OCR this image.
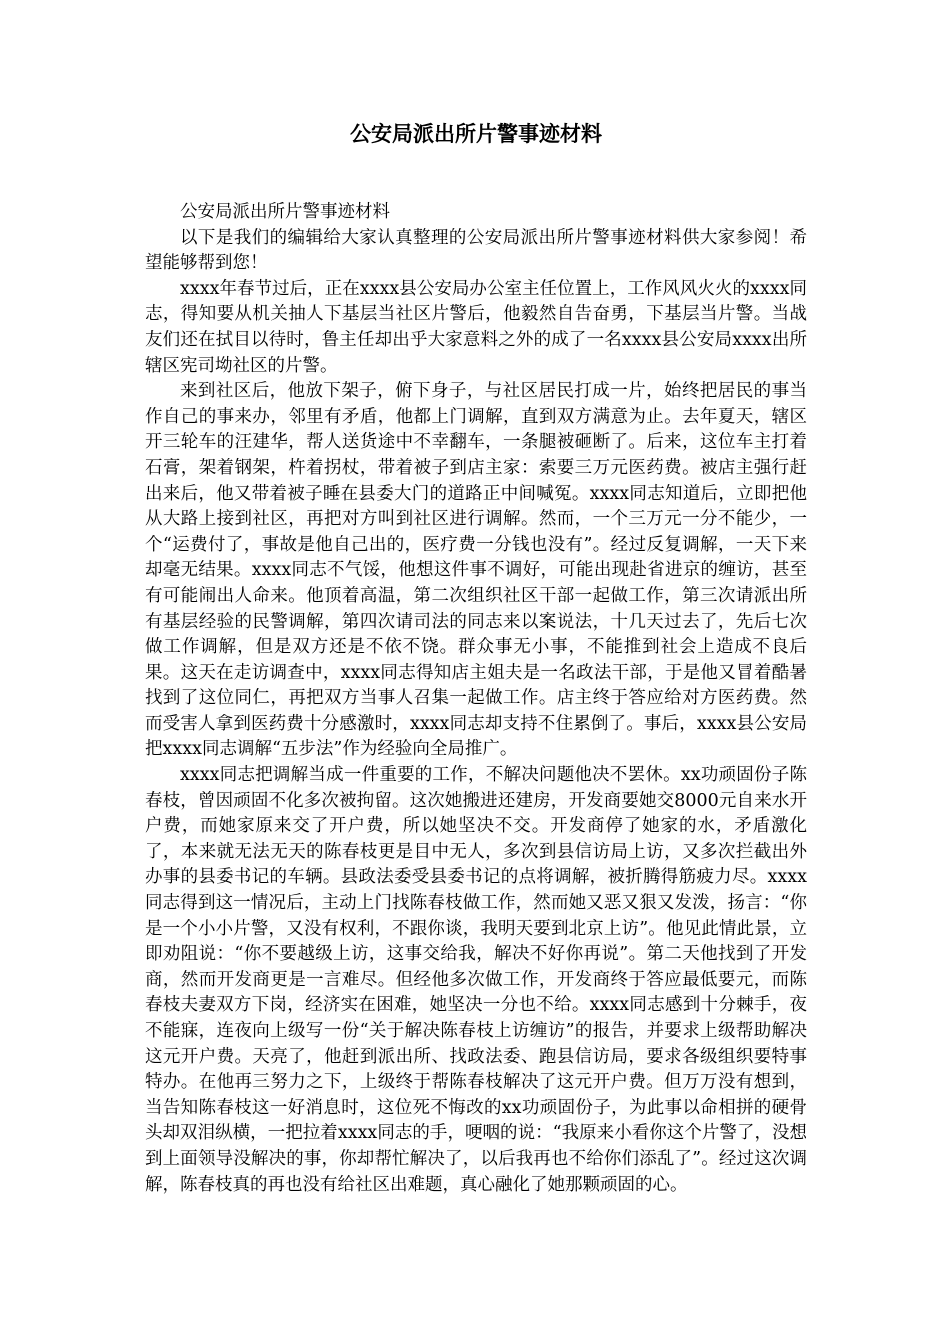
公安局派出所片警事迹材料

公安局派出所片警事迹材料

以下是我们的编辑给大家认真整理的公安局派出所片警事迹材料供大家参阅！希望能够帮到您！

xxxx年春节过后，正在xxxx县公安局办公室主任位置上，工作风风火火的xxxx同志，得知要从机关抽人下基层当社区片警后，他毅然自告奋勇，下基层当片警。当战友们还在拭目以待时，鲁主任却出乎大家意料之外的成了一名xxxx县公安局xxxx出所辖区宪司坳社区的片警。

来到社区后，他放下架子，俯下身子，与社区居民打成一片，始终把居民的事当作自己的事来办，邻里有矛盾，他都上门调解，直到双方满意为止。去年夏天，辖区开三轮车的汪建华，帮人送货途中不幸翻车，一条腿被砸断了。后来，这位车主打着石膏，架着钢架，杵着拐杖，带着被子到店主家：索要三万元医药费。被店主强行赶出来后，他又带着被子睡在县委大门的道路正中间喊冤。xxxx同志知道后，立即把他从大路上接到社区，再把对方叫到社区进行调解。然而，一个三万元一分不能少，一个“运费付了，事故是他自己出的，医疗费一分钱也没有”。经过反复调解，一天下来却毫无结果。xxxx同志不气馁，他想这件事不调好，可能出现赴省进京的缠访，甚至有可能闹出人命来。他顶着高温，第二次组织社区干部一起做工作，第三次请派出所有基层经验的民警调解，第四次请司法的同志来以案说法，十几天过去了，先后七次做工作调解，但是双方还是不依不饶。群众事无小事，不能推到社会上造成不良后果。这天在走访调查中，xxxx同志得知店主姐夫是一名政法干部，于是他又冒着酷暑找到了这位同仁，再把双方当事人召集一起做工作。店主终于答应给对方医药费。然而受害人拿到医药费十分感激时，xxxx同志却支持不住累倒了。事后，xxxx县公安局把xxxx同志调解“五步法”作为经验向全局推广。

xxxx同志把调解当成一件重要的工作，不解决问题他决不罢休。xx功顽固份子陈春枝，曾因顽固不化多次被拘留。这次她搬进还建房，开发商要她交8000元自来水开户费，而她家原来交了开户费，所以她坚决不交。开发商停了她家的水，矛盾激化了，本来就无法无天的陈春枝更是目中无人，多次到县信访局上访，又多次拦截出外办事的县委书记的车辆。县政法委受县委书记的点将调解，被折腾得筋疲力尽。xxxx同志得到这一情况后，主动上门找陈春枝做工作，然而她又恶又狠又发泼，扬言：“你是一个小小片警，又没有权利，不跟你谈，我明天要到北京上访”。他见此情此景，立即劝阻说：“你不要越级上访，这事交给我，解决不好你再说”。第二天他找到了开发商，然而开发商更是一言难尽。但经他多次做工作，开发商终于答应最低要元，而陈春枝夫妻双方下岗，经济实在困难，她坚决一分也不给。xxxx同志感到十分棘手，夜不能寐，连夜向上级写一份“关于解决陈春枝上访缠访”的报告，并要求上级帮助解决这元开户费。天亮了，他赶到派出所、找政法委、跑县信访局，要求各级组织要特事特办。在他再三努力之下，上级终于帮陈春枝解决了这元开户费。但万万没有想到，当告知陈春枝这一好消息时，这位死不悔改的xx功顽固份子，为此事以命相拼的硬骨头却双泪纵横，一把拉着xxxx同志的手，哽咽的说：“我原来小看你这个片警了，没想到上面领导没解决的事，你却帮忙解决了，以后我再也不给你们添乱了”。经过这次调解，陈春枝真的再也没有给社区出难题，真心融化了她那颗顽固的心。
